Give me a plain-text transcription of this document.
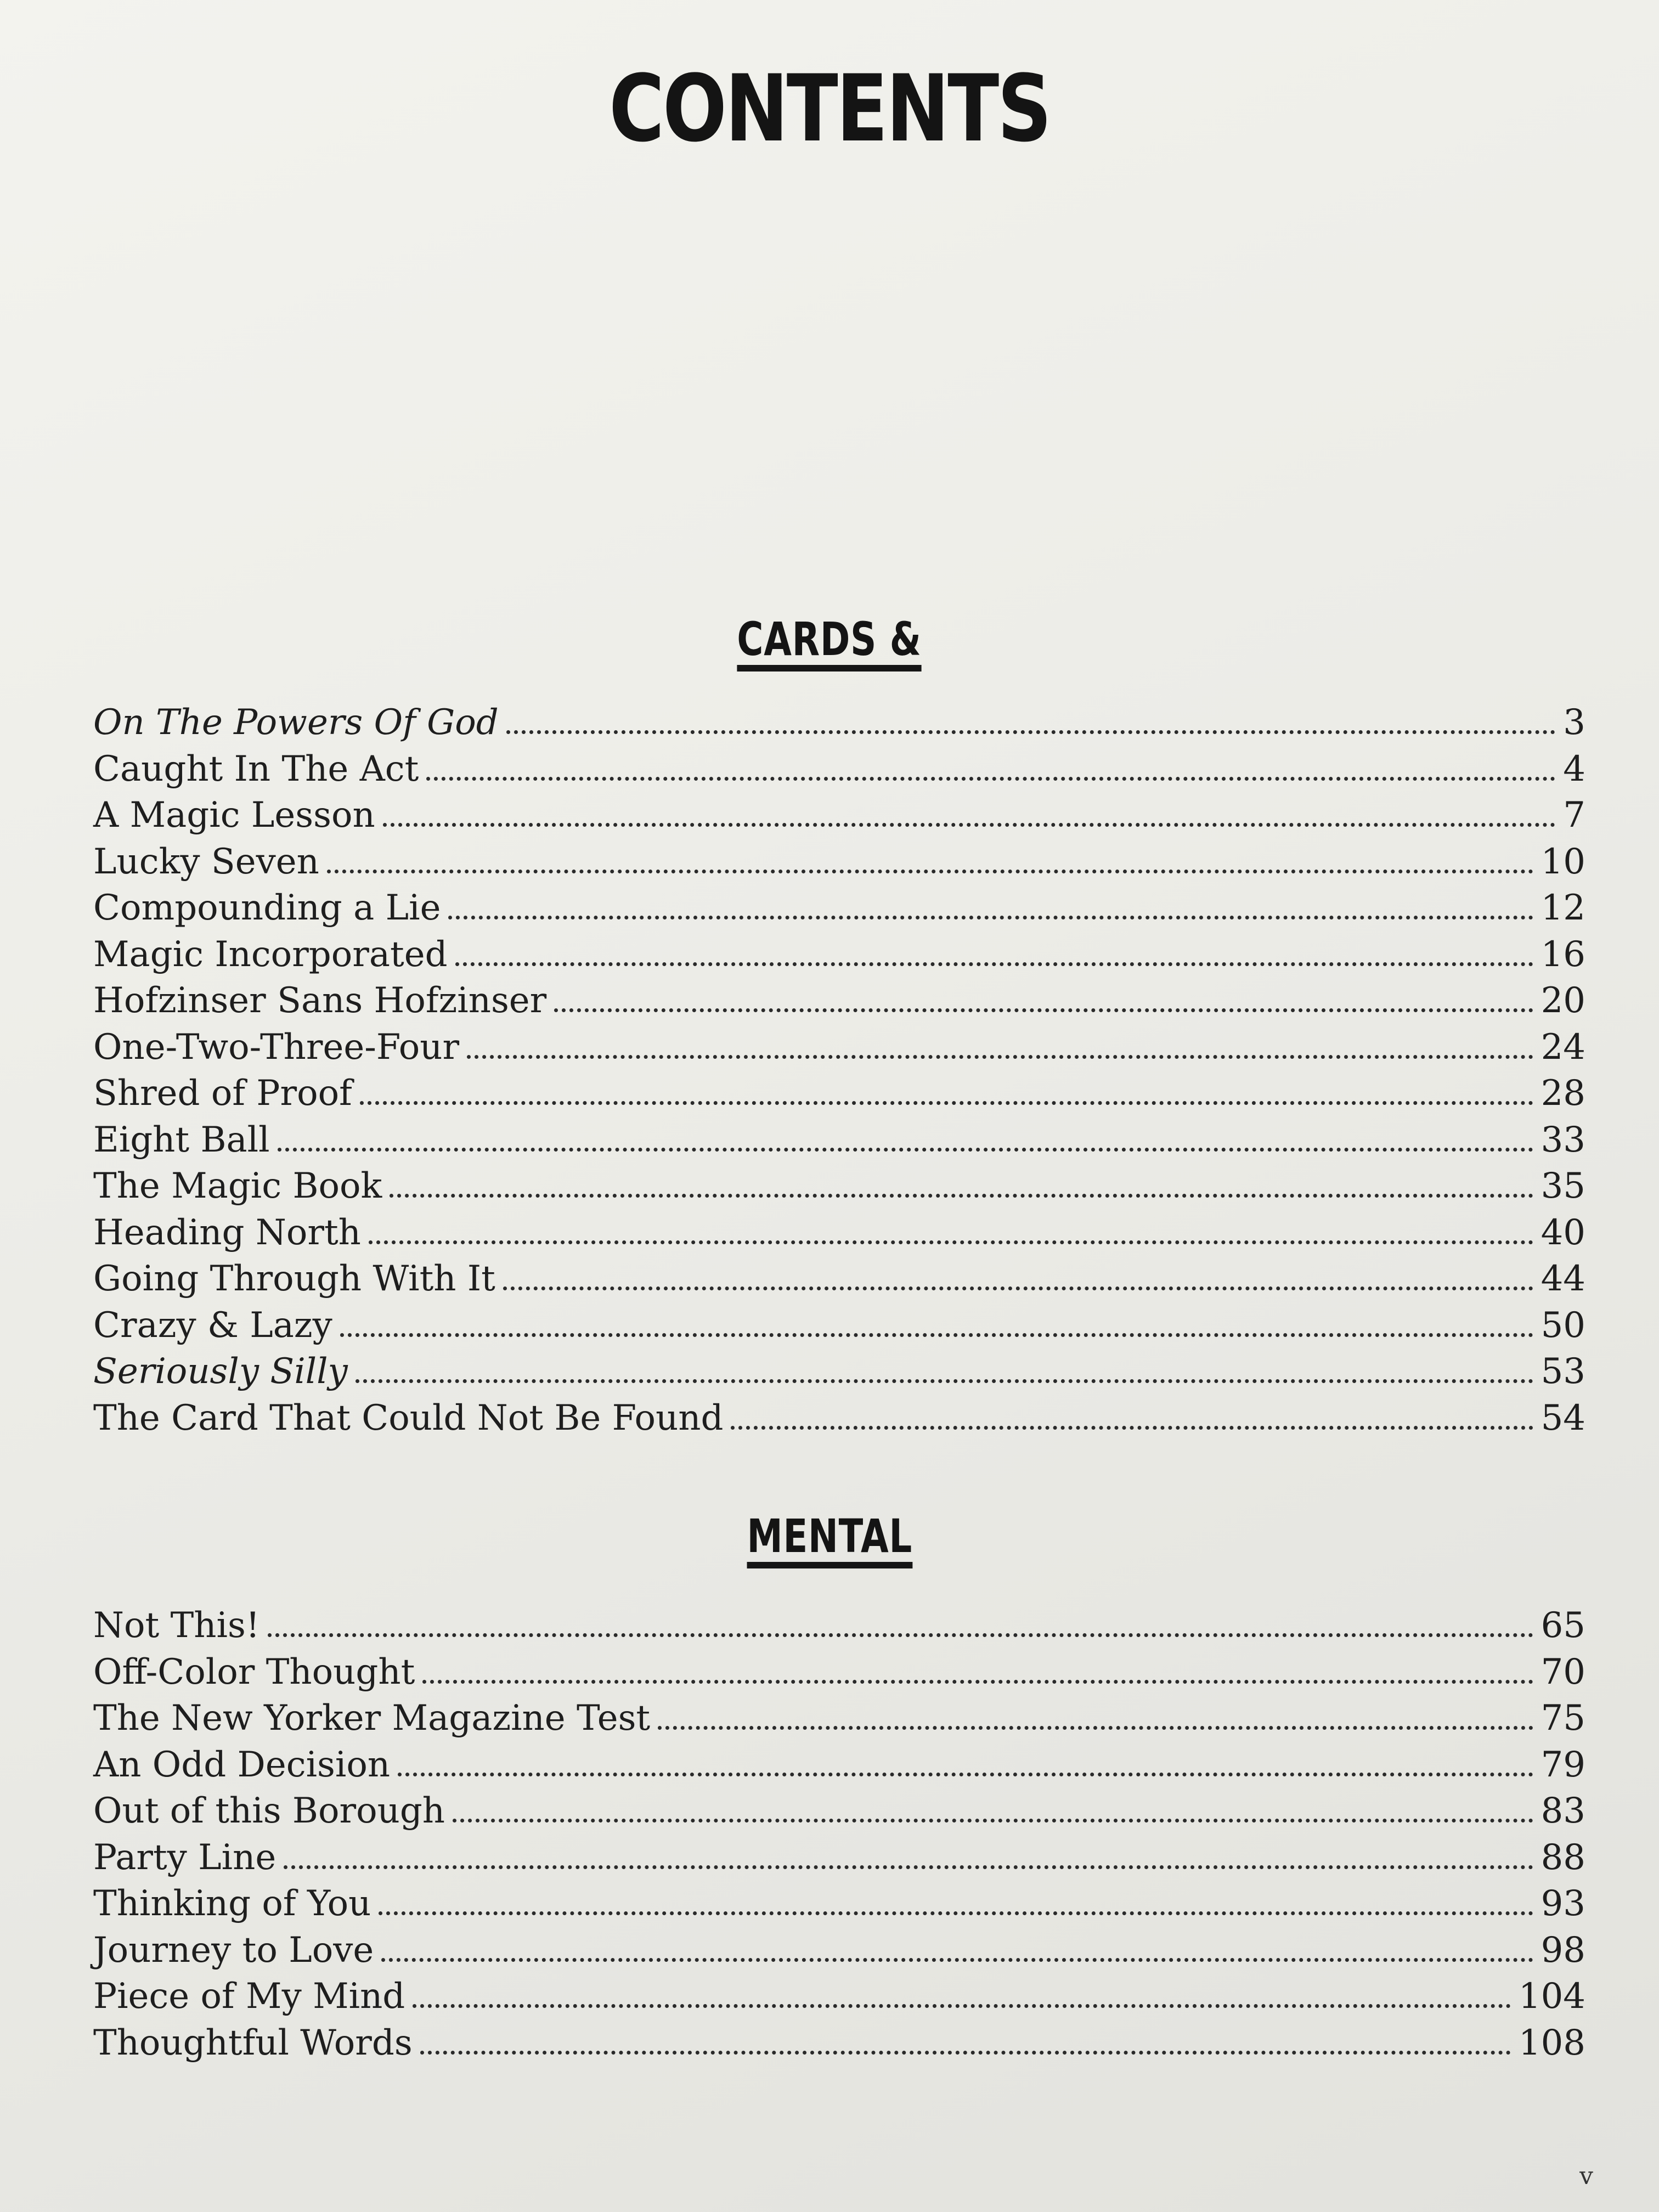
CONTENTS
CARDS &
On The Powers Of God	3
Caught In The Act	4
A Magic Lesson	7
Lucky Seven	10
Compounding a Lie	12
Magic Incorporated	16
Hofzinser Sans Hofzinser	20
One-Two-Three-Four	24
Shred of Proof	28
Eight Ball	33
The Magic Book	35
Heading North	40
Going Through With It	44
Crazy & Lazy	50
Seriously Silly	53
The Card That Could Not Be Found	54
MENTAL
Not This!	65
Off-Color Thought	70
The New Yorker Magazine Test	75
An Odd Decision	79
Out of this Borough	83
Party Line	88
Thinking of You	93
Journey to Love	98
Piece of My Mind	104
Thoughtful Words	108
v
